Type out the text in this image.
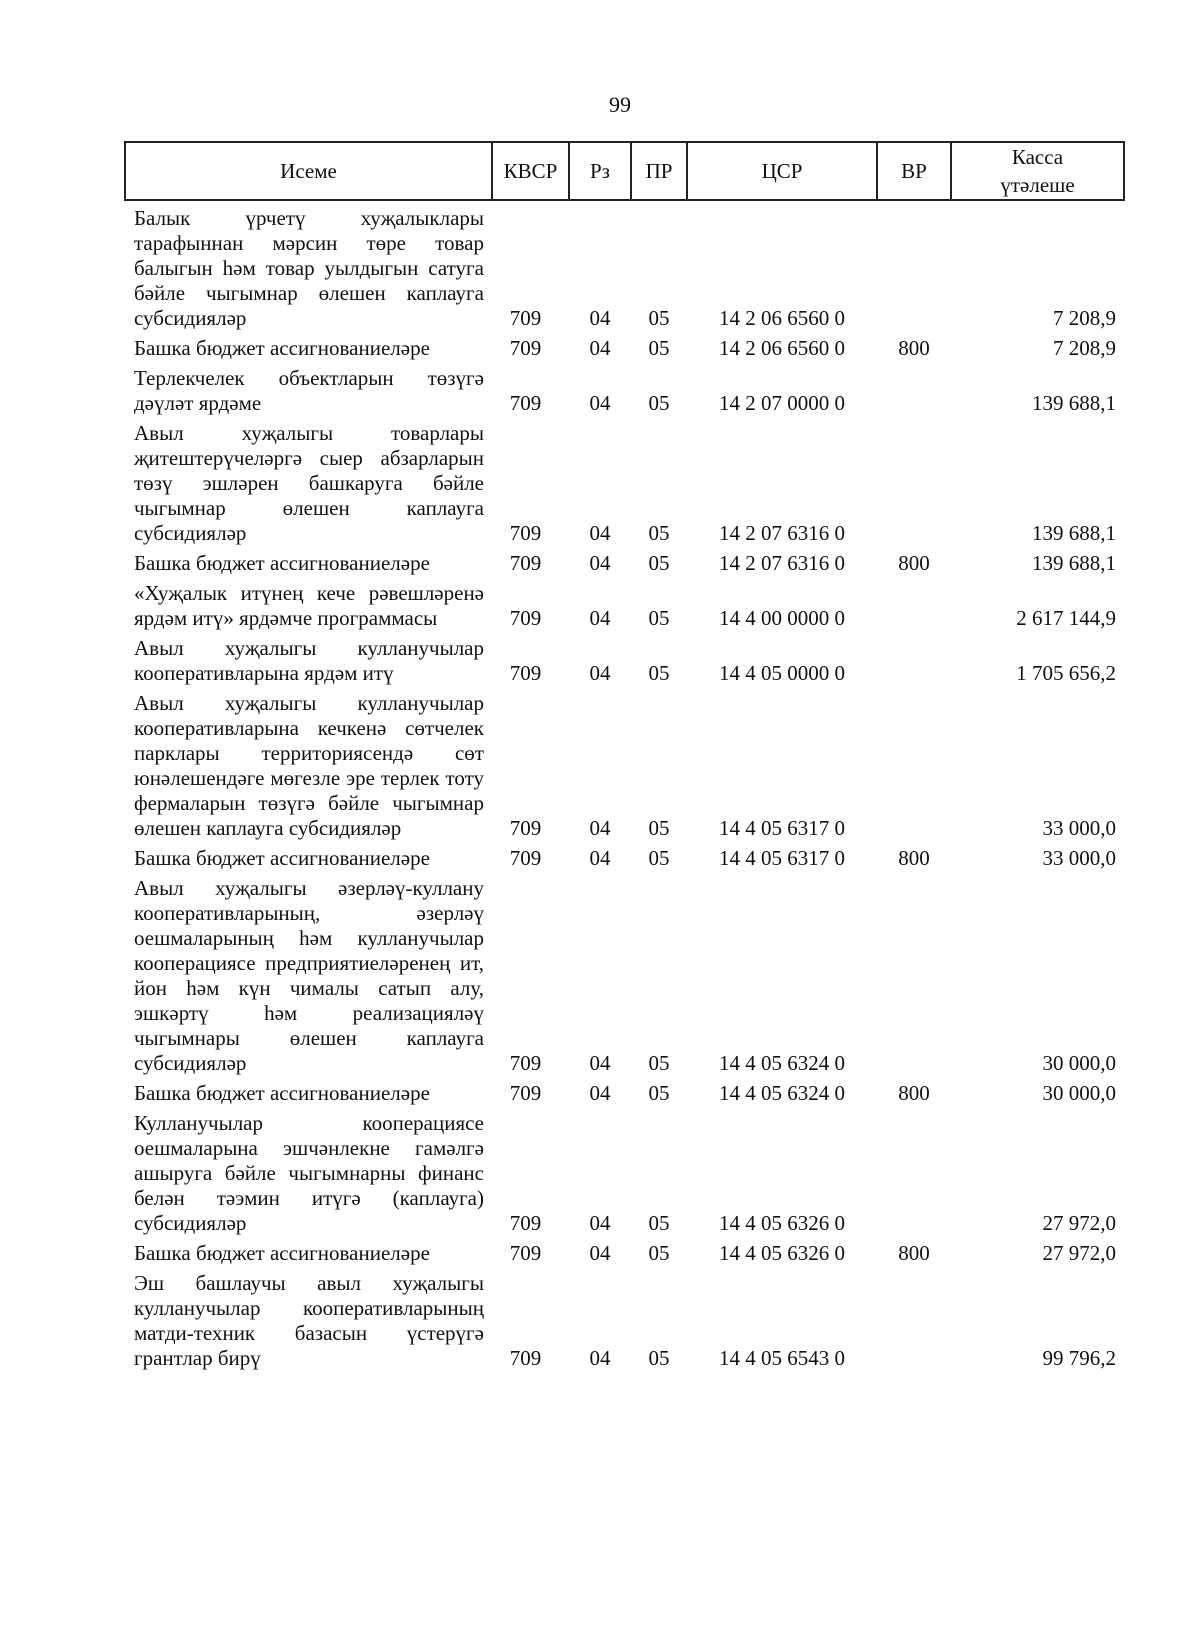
99
Исеме	КВСР	Рз	ПР	ЦСР	ВР	Касса
үтәлеше

Балык үрчетү хуҗалыклары тарафыннан мәрсин төре товар балыгын һәм товар уылдыгын сатуга бәйле чыгымнар өлешен каплауга субсидияләр	709	04	05	14 2 06 6560 0		7 208,9

Башка бюджет ассигнованиеләре	709	04	05	14 2 06 6560 0	800	7 208,9

Терлекчелек объектларын төзүгә дәүләт ярдәме	709	04	05	14 2 07 0000 0		139 688,1

Авыл хуҗалыгы товарлары җитештерүчеләргә сыер абзарларын төзү эшләрен башкаруга бәйле чыгымнар өлешен каплауга субсидияләр	709	04	05	14 2 07 6316 0		139 688,1

Башка бюджет ассигнованиеләре	709	04	05	14 2 07 6316 0	800	139 688,1

«Хуҗалык итүнең кече рәвешләренә ярдәм итү» ярдәмче программасы	709	04	05	14 4 00 0000 0		2 617 144,9

Авыл хуҗалыгы кулланучылар кооперативларына ярдәм итү	709	04	05	14 4 05 0000 0		1 705 656,2

Авыл хуҗалыгы кулланучылар кооперативларына кечкенә сөтчелек парклары территориясендә сөт юнәлешендәге мөгезле эре терлек тоту фермаларын төзүгә бәйле чыгымнар өлешен каплауга субсидияләр	709	04	05	14 4 05 6317 0		33 000,0

Башка бюджет ассигнованиеләре	709	04	05	14 4 05 6317 0	800	33 000,0

Авыл хуҗалыгы әзерләү-куллану кооперативларының, әзерләү оешмаларының һәм кулланучылар кооперациясе предприятиеләренең ит, йон һәм күн чималы сатып алу, эшкәртү һәм реализацияләү чыгымнары өлешен каплауга субсидияләр	709	04	05	14 4 05 6324 0		30 000,0

Башка бюджет ассигнованиеләре	709	04	05	14 4 05 6324 0	800	30 000,0

Кулланучылар кооперациясе оешмаларына эшчәнлекне гамәлгә ашыруга бәйле чыгымнарны финанс белән тәэмин итүгә (каплауга) субсидияләр	709	04	05	14 4 05 6326 0		27 972,0

Башка бюджет ассигнованиеләре	709	04	05	14 4 05 6326 0	800	27 972,0

Эш башлаучы авыл хуҗалыгы кулланучылар кооперативларының матди-техник базасын үстерүгә грантлар бирү	709	04	05	14 4 05 6543 0		99 796,2
